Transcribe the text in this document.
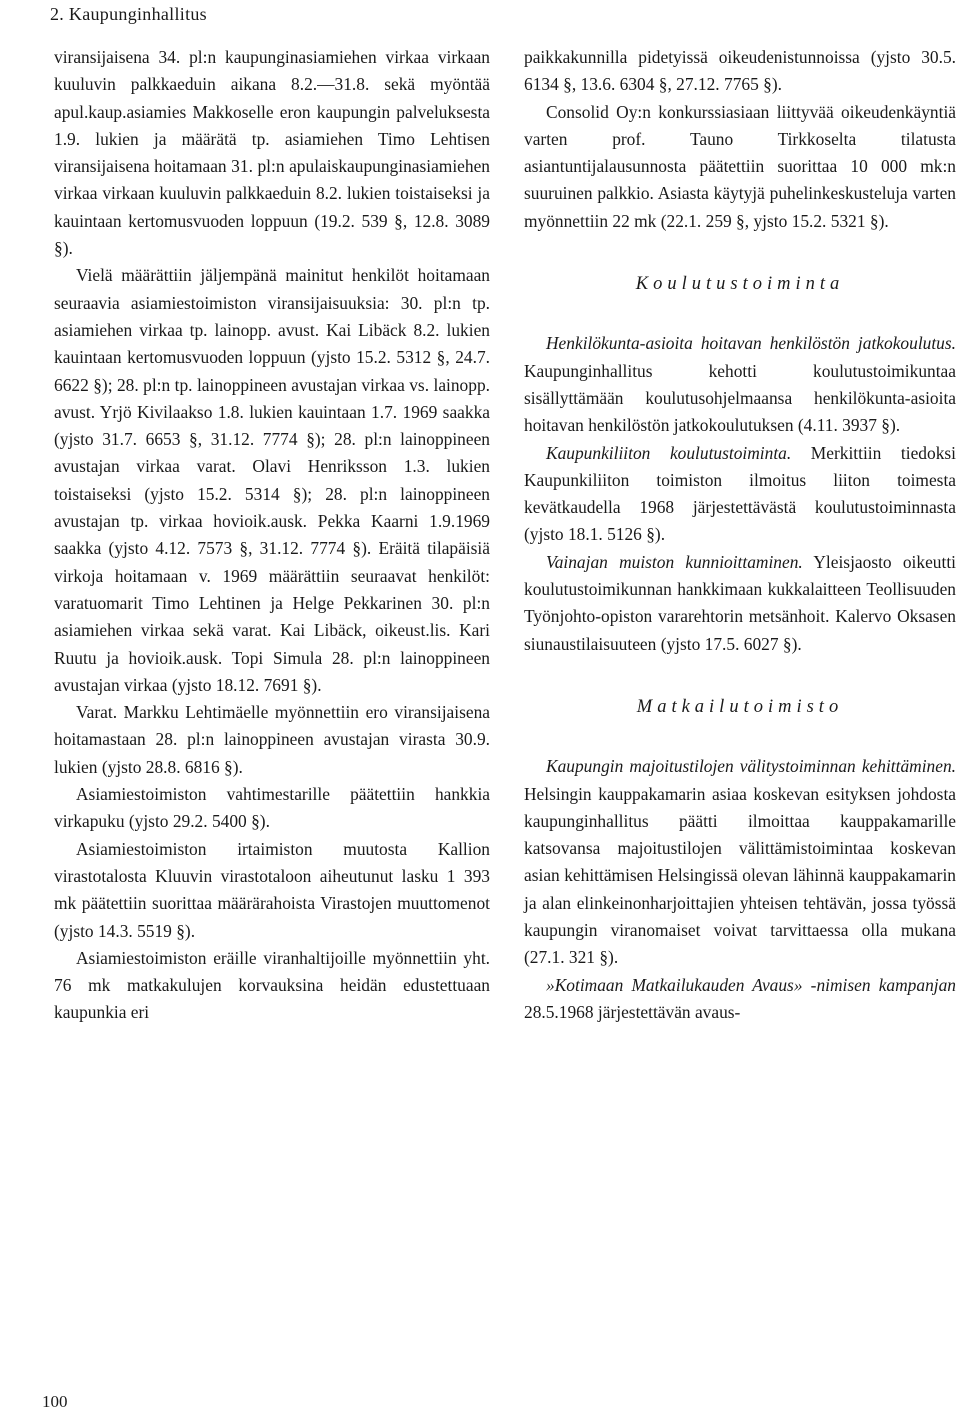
2. Kaupunginhallitus

viransijaisena 34. pl:n kaupunginasiamiehen virkaa virkaan kuuluvin palkkaeduin aikana 8.2.—31.8. sekä myöntää apul.kaup.asiamies Makkoselle eron kaupungin palveluksesta 1.9. lukien ja määrätä tp. asiamiehen Timo Lehtisen viransijaisena hoitamaan 31. pl:n apulaiskaupunginasiamiehen virkaa virkaan kuuluvin palkkaeduin 8.2. lukien toistaiseksi ja kauintaan kertomusvuoden loppuun (19.2. 539 §, 12.8. 3089 §).

Vielä määrättiin jäljempänä mainitut henkilöt hoitamaan seuraavia asiamiestoimiston viransijaisuuksia: 30. pl:n tp. asiamiehen virkaa tp. lainopp. avust. Kai Libäck 8.2. lukien kauintaan kertomusvuoden loppuun (yjsto 15.2. 5312 §, 24.7. 6622 §); 28. pl:n tp. lainoppineen avustajan virkaa vs. lainopp. avust. Yrjö Kivilaakso 1.8. lukien kauintaan 1.7. 1969 saakka (yjsto 31.7. 6653 §, 31.12. 7774 §); 28. pl:n lainoppineen avustajan virkaa varat. Olavi Henriksson 1.3. lukien toistaiseksi (yjsto 15.2. 5314 §); 28. pl:n lainoppineen avustajan tp. virkaa hovioik.ausk. Pekka Kaarni 1.9.1969 saakka (yjsto 4.12. 7573 §, 31.12. 7774 §). Eräitä tilapäisiä virkoja hoitamaan v. 1969 määrättiin seuraavat henkilöt: varatuomarit Timo Lehtinen ja Helge Pekkarinen 30. pl:n asiamiehen virkaa sekä varat. Kai Libäck, oikeust.lis. Kari Ruutu ja hovioik.ausk. Topi Simula 28. pl:n lainoppineen avustajan virkaa (yjsto 18.12. 7691 §).

Varat. Markku Lehtimäelle myönnettiin ero viransijaisena hoitamastaan 28. pl:n lainoppineen avustajan virasta 30.9. lukien (yjsto 28.8. 6816 §).

Asiamiestoimiston vahtimestarille päätettiin hankkia virkapuku (yjsto 29.2. 5400 §).

Asiamiestoimiston irtaimiston muutosta Kallion virastotalosta Kluuvin virastotaloon aiheutunut lasku 1 393 mk päätettiin suorittaa määrärahoista Virastojen muuttomenot (yjsto 14.3. 5519 §).

Asiamiestoimiston eräille viranhaltijoille myönnettiin yht. 76 mk matkakulujen korvauksina heidän edustettuaan kaupunkia eri

paikkakunnilla pidetyissä oikeudenistunnoissa (yjsto 30.5. 6134 §, 13.6. 6304 §, 27.12. 7765 §).

Consolid Oy:n konkurssiasiaan liittyvää oikeudenkäyntiä varten prof. Tauno Tirkkoselta tilatusta asiantuntijalausunnosta päätettiin suorittaa 10 000 mk:n suuruinen palkkio. Asiasta käytyjä puhelinkeskusteluja varten myönnettiin 22 mk (22.1. 259 §, yjsto 15.2. 5321 §).

Koulutustoiminta

Henkilökunta-asioita hoitavan henkilöstön jatkokoulutus. Kaupunginhallitus kehotti koulutustoimikuntaa sisällyttämään koulutusohjelmaansa henkilökunta-asioita hoitavan henkilöstön jatkokoulutuksen (4.11. 3937 §).

Kaupunkiliiton koulutustoiminta. Merkittiin tiedoksi Kaupunkiliiton toimiston ilmoitus liiton toimesta kevätkaudella 1968 järjestettävästä koulutustoiminnasta (yjsto 18.1. 5126 §).

Vainajan muiston kunnioittaminen. Yleisjaosto oikeutti koulutustoimikunnan hankkimaan kukkalaitteen Teollisuuden Työnjohto-opiston vararehtorin metsänhoit. Kalervo Oksasen siunaustilaisuuteen (yjsto 17.5. 6027 §).

Matkailutoimisto

Kaupungin majoitustilojen välitystoiminnan kehittäminen. Helsingin kauppakamarin asiaa koskevan esityksen johdosta kaupunginhallitus päätti ilmoittaa kauppakamarille katsovansa majoitustilojen välittämistoimintaa koskevan asian kehittämisen Helsingissä olevan lähinnä kauppakamarin ja alan elinkeinonharjoittajien yhteisen tehtävän, jossa työssä kaupungin viranomaiset voivat tarvittaessa olla mukana (27.1. 321 §).

»Kotimaan Matkailukauden Avaus» -nimisen kampanjan 28.5.1968 järjestettävän avaus-

100
